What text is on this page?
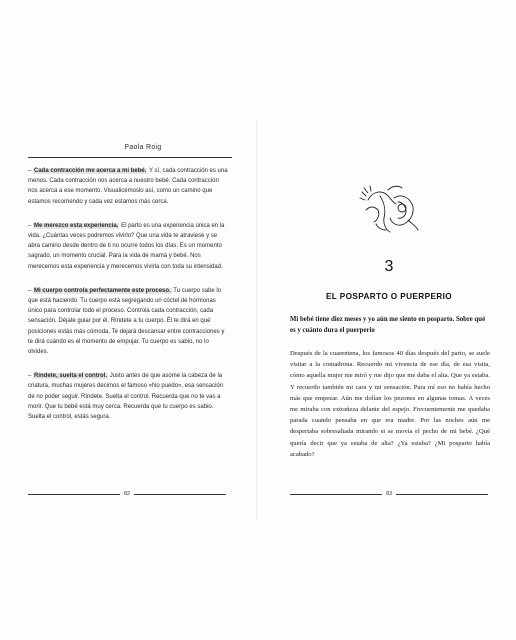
Paola Roig

– Cada contracción me acerca a mi bebé. Y sí, cada contracción es una menos. Cada contracción nos acerca a nuestro bebé. Cada contracción nos acerca a ese momento. Visualicémoslo así, como un camino que estamos recorriendo y cada vez estamos más cerca.

– Me merezco esta experiencia. El parto es una experiencia única en la vida. ¿Cuántas veces podremos vivirlo? Que una vida te atraviese y se abra camino desde dentro de ti no ocurre todos los días. Es un momento sagrado, un momento crucial. Para la vida de mamá y bebé. Nos merecemos esta experiencia y merecemos vivirla con toda su intensidad.

– Mi cuerpo controla perfectamente este proceso. Tu cuerpo sabe lo que está haciendo. Tu cuerpo está segregando un cóctel de hormonas único para controlar todo el proceso. Controla cada contracción, cada sensación. Déjate guiar por él. Ríndete a tu cuerpo. Él te dirá en qué posiciones estás más cómoda. Te dejará descansar entre contracciones y te dirá cuándo es el momento de empujar. Tu cuerpo es sabio, no lo olvides.

– Ríndete, suelta el control. Justo antes de que asome la cabeza de la criatura, muchas mujeres decimos el famoso «No puedo», esa sensación de no poder seguir. Ríndete. Suelta el control. Recuerda que no te vas a morir. Que tu bebé está muy cerca. Recuerda que tu cuerpo es sabio. Suelta el control, estás segura.

82
3
EL POSPARTO O PUERPERIO
Mi bebé tiene diez meses y yo aún me siento en posparto. Sobre qué es y cuánto dura el puerperio
Después de la cuarentena, los famosos 40 días después del parto, se suele visitar a la comadrona. Recuerdo mi vivencia de ese día, de esa visita, cómo aquella mujer me miró y me dijo que me daba el alta. Que ya estaba. Y recuerdo también mi cara y mi sensación. Para mí eso no había hecho más que empezar. Aún me dolían los pezones en algunas tomas. A veces me miraba con extrañeza delante del espejo. Frecuentemente me quedaba parada cuando pensaba en que era madre. Por las noches aún me despertaba sobresaltada mirando si se movía el pecho de mi bebé. ¿Qué quería decir que ya estaba de alta? ¿Ya estaba? ¿Mi posparto había acabado?
83
